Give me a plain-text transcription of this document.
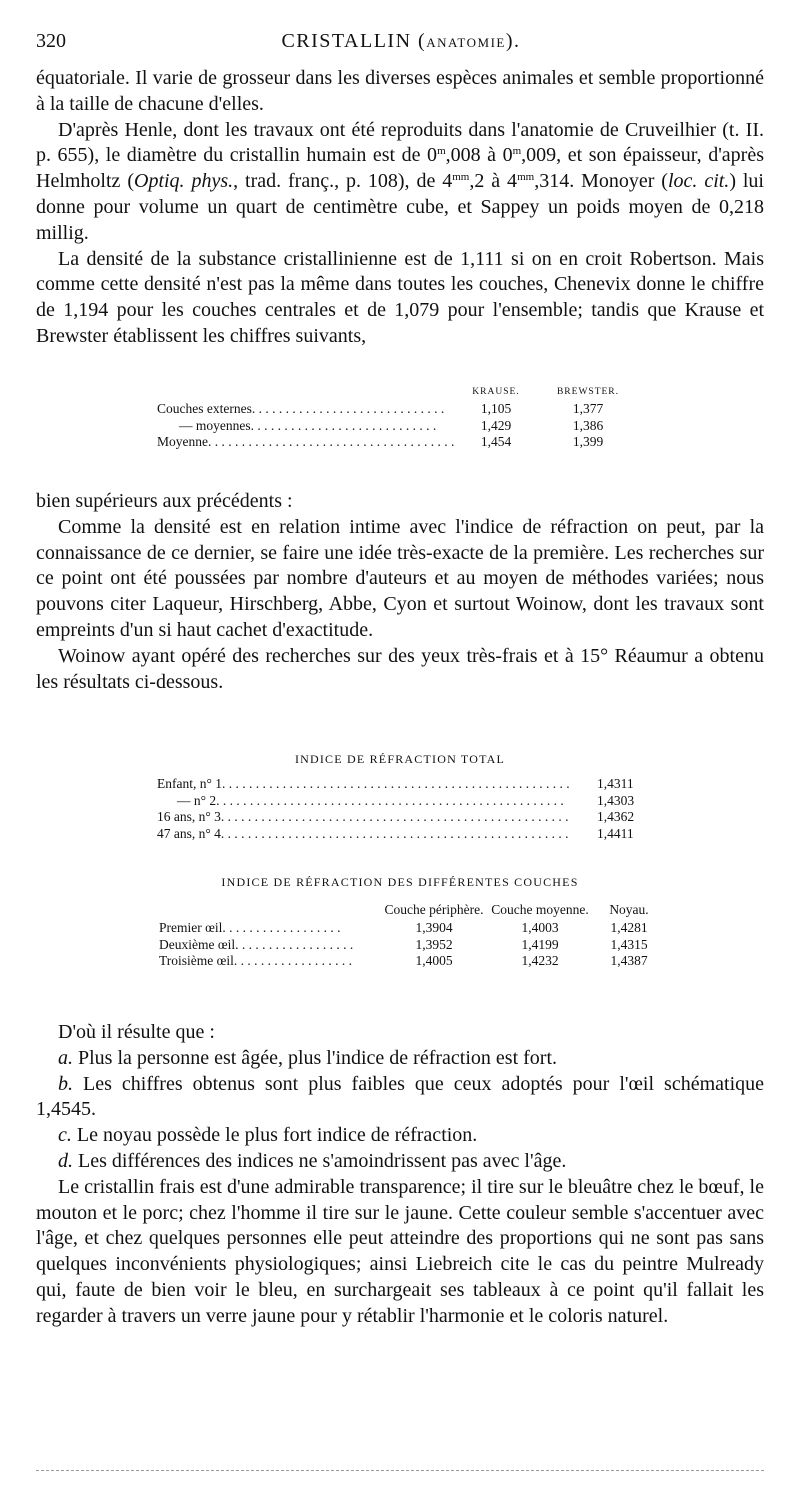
320	CRISTALLIN (ANATOMIE).

équatoriale. Il varie de grosseur dans les diverses espèces animales et semble proportionné à la taille de chacune d'elles.

D'après Henle, dont les travaux ont été reproduits dans l'anatomie de Cruveilhier (t. II. p. 655), le diamètre du cristallin humain est de 0$^m$,008 à 0$^m$,009, et son épaisseur, d'après Helmholtz (Optiq. phys., trad. franç., p. 108), de $4^{mm},2$ à $4^{mm},314$. Monoyer (loc. cit.) lui donne pour volume un quart de centimètre cube, et Sappey un poids moyen de 0,218 millig.

La densité de la substance cristallinienne est de 1,111 si on en croit Robertson. Mais comme cette densité n'est pas la même dans toutes les couches, Chenevix donne le chiffre de 1,194 pour les couches centrales et de 1,079 pour l'ensemble; tandis que Krause et Brewster établissent les chiffres suivants,

	KRAUSE.	BREWSTER.
Couches externes. . .	1,105	1,377
— moyennes. . .	1,429	1,386
Moyenne. . .	1,454	1,399

bien supérieurs aux précédents :

Comme la densité est en relation intime avec l'indice de réfraction on peut, par la connaissance de ce dernier, se faire une idée très-exacte de la première. Les recherches sur ce point ont été poussées par nombre d'auteurs et au moyen de méthodes variées; nous pouvons citer Laqueur, Hirschberg, Abbe, Cyon et surtout Woinow, dont les travaux sont empreints d'un si haut cachet d'exactitude.

Woinow ayant opéré des recherches sur des yeux très-frais et à 15° Réaumur a obtenu les résultats ci-dessous.

INDICE DE RÉFRACTION TOTAL
Enfant, n° 1. . .	1,4311
— n° 2. . .	1,4303
16 ans, n° 3. . .	1,4362
47 ans, n° 4. . .	1,4411
INDICE DE RÉFRACTION DES DIFFÉRENTES COUCHES
	Couche périphère.	Couche moyenne.	Noyau.
Premier œil. . .	1,3904	1,4003	1,4281
Deuxième œil. . .	1,3952	1,4199	1,4315
Troisième œil. . .	1,4005	1,4232	1,4387

D'où il résulte que :

a. Plus la personne est âgée, plus l'indice de réfraction est fort.

b. Les chiffres obtenus sont plus faibles que ceux adoptés pour l'œil schématique 1,4545.

c. Le noyau possède le plus fort indice de réfraction.

d. Les différences des indices ne s'amoindrissent pas avec l'âge.

Le cristallin frais est d'une admirable transparence; il tire sur le bleuâtre chez le bœuf, le mouton et le porc; chez l'homme il tire sur le jaune. Cette couleur semble s'accentuer avec l'âge, et chez quelques personnes elle peut atteindre des proportions qui ne sont pas sans quelques inconvénients physiologiques; ainsi Liebreich cite le cas du peintre Mulready qui, faute de bien voir le bleu, en surchargeait ses tableaux à ce point qu'il fallait les regarder à travers un verre jaune pour y rétablir l'harmonie et le coloris naturel.
